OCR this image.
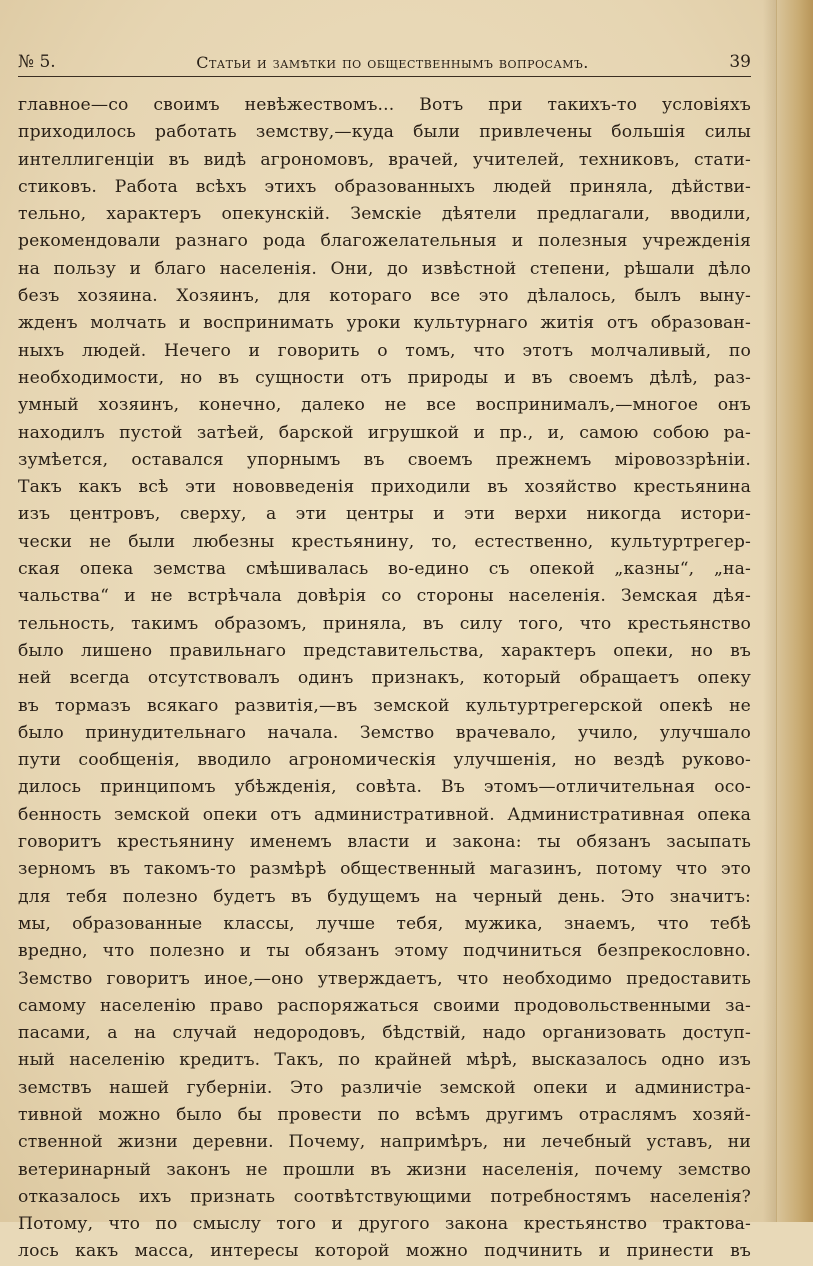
№ 5.	Статьи и замѣтки по общественнымъ вопросамъ.	39
главное—со своимъ невѣжествомъ... Вотъ при такихъ-то условіяхъ
приходилось работать земству,—куда были привлечены большія силы
интеллигенціи въ видѣ агрономовъ, врачей, учителей, техниковъ, стати-
стиковъ. Работа всѣхъ этихъ образованныхъ людей приняла, дѣйстви-
тельно, характеръ опекунскій. Земскіе дѣятели предлагали, вводили,
рекомендовали разнаго рода благожелательныя и полезныя учрежденія
на пользу и благо населенія. Они, до извѣстной степени, рѣшали дѣло
безъ хозяина. Хозяинъ, для котораго все это дѣлалось, былъ выну-
жденъ молчать и воспринимать уроки культурнаго житія отъ образован-
ныхъ людей. Нечего и говорить о томъ, что этотъ молчаливый, по
необходимости, но въ сущности отъ природы и въ своемъ дѣлѣ, раз-
умный хозяинъ, конечно, далеко не все воспринималъ,—многое онъ
находилъ пустой затѣей, барской игрушкой и пр., и, самою собою ра-
зумѣется, оставался упорнымъ въ своемъ прежнемъ міровоззрѣніи.
Такъ какъ всѣ эти нововведенія приходили въ хозяйство крестьянина
изъ центровъ, сверху, а эти центры и эти верхи никогда истори-
чески не были любезны крестьянину, то, естественно, культуртрегер-
ская опека земства смѣшивалась во-едино съ опекой „казны“, „на-
чальства“ и не встрѣчала довѣрія со стороны населенія. Земская дѣя-
тельность, такимъ образомъ, приняла, въ силу того, что крестьянство
было лишено правильнаго представительства, характеръ опеки, но въ
ней всегда отсутствовалъ одинъ признакъ, который обращаетъ опеку
въ тормазъ всякаго развитія,—въ земской культуртрегерской опекѣ не
было принудительнаго начала. Земство врачевало, учило, улучшало
пути сообщенія, вводило агрономическія улучшенія, но вездѣ руково-
дилось принципомъ убѣжденія, совѣта. Въ этомъ—отличительная осо-
бенность земской опеки отъ административной. Административная опека
говоритъ крестьянину именемъ власти и закона: ты обязанъ засыпать
зерномъ въ такомъ-то размѣрѣ общественный магазинъ, потому что это
для тебя полезно будетъ въ будущемъ на черный день. Это значитъ:
мы, образованные классы, лучше тебя, мужика, знаемъ, что тебѣ
вредно, что полезно и ты обязанъ этому подчиниться безпрекословно.
Земство говоритъ иное,—оно утверждаетъ, что необходимо предоставить
самому населенію право распоряжаться своими продовольственными за-
пасами, а на случай недородовъ, бѣдствій, надо организовать доступ-
ный населенію кредитъ. Такъ, по крайней мѣрѣ, высказалось одно изъ
земствъ нашей губерніи. Это различіе земской опеки и администра-
тивной можно было бы провести по всѣмъ другимъ отраслямъ хозяй-
ственной жизни деревни. Почему, напримѣръ, ни лечебный уставъ, ни
ветеринарный законъ не прошли въ жизни населенія, почему земство
отказалось ихъ признать соотвѣтствующими потребностямъ населенія?
Потому, что по смыслу того и другого закона крестьянство трактова-
лось какъ масса, интересы которой можно подчинить и принести въ
